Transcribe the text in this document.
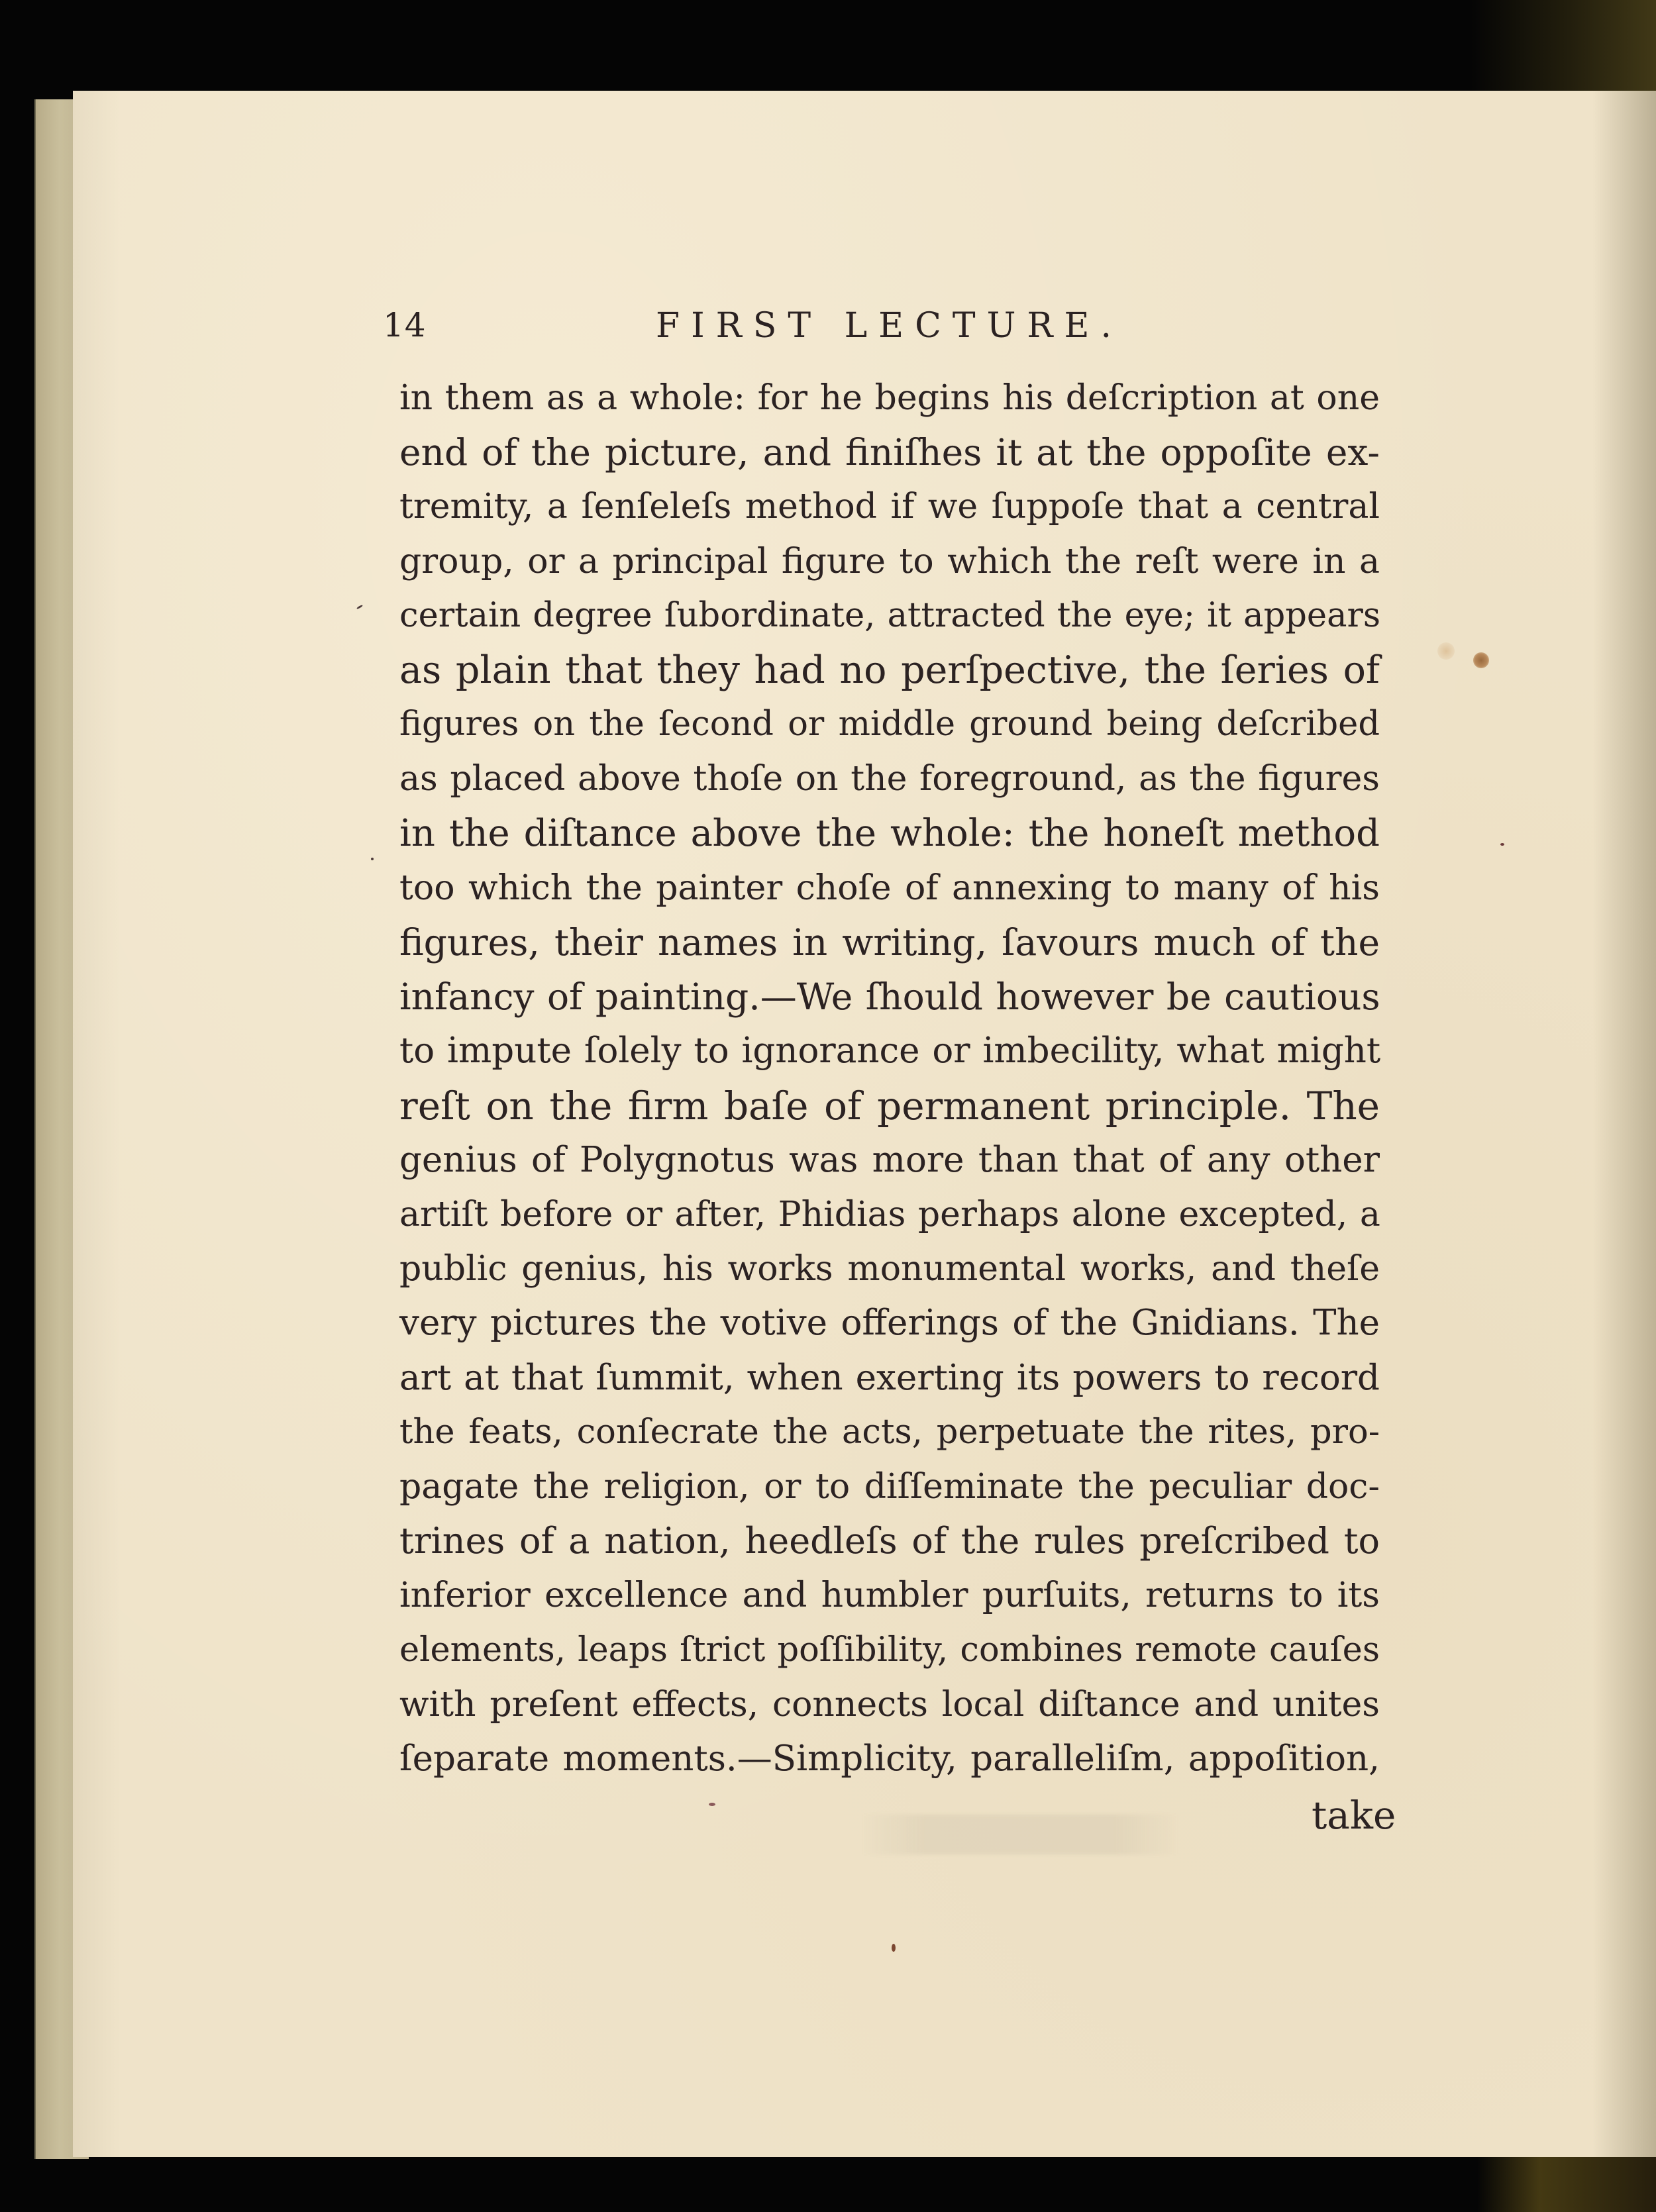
14	FIRST LECTURE.
in them as a whole: for he begins his deſcription at one
end of the picture, and finiſhes it at the oppoſite ex-
tremity, a ſenſeleſs method if we ſuppoſe that a central
group, or a principal figure to which the reſt were in a
certain degree ſubordinate, attracted the eye; it appears
as plain that they had no perſpective, the ſeries of
figures on the ſecond or middle ground being deſcribed
as placed above thoſe on the foreground, as the figures
in the diſtance above the whole: the honeſt method
too which the painter choſe of annexing to many of his
figures, their names in writing, ſavours much of the
infancy of painting.—We ſhould however be cautious
to impute ſolely to ignorance or imbecility, what might
reſt on the firm baſe of permanent principle. The
genius of Polygnotus was more than that of any other
artiſt before or after, Phidias perhaps alone excepted, a
public genius, his works monumental works, and theſe
very pictures the votive offerings of the Gnidians. The
art at that ſummit, when exerting its powers to record
the feats, conſecrate the acts, perpetuate the rites, pro-
pagate the religion, or to diſſeminate the peculiar doc-
trines of a nation, heedleſs of the rules preſcribed to
inferior excellence and humbler purſuits, returns to its
elements, leaps ſtrict poſſibility, combines remote cauſes
with preſent effects, connects local diſtance and unites
ſeparate moments.—Simplicity, paralleliſm, appoſition,
take
